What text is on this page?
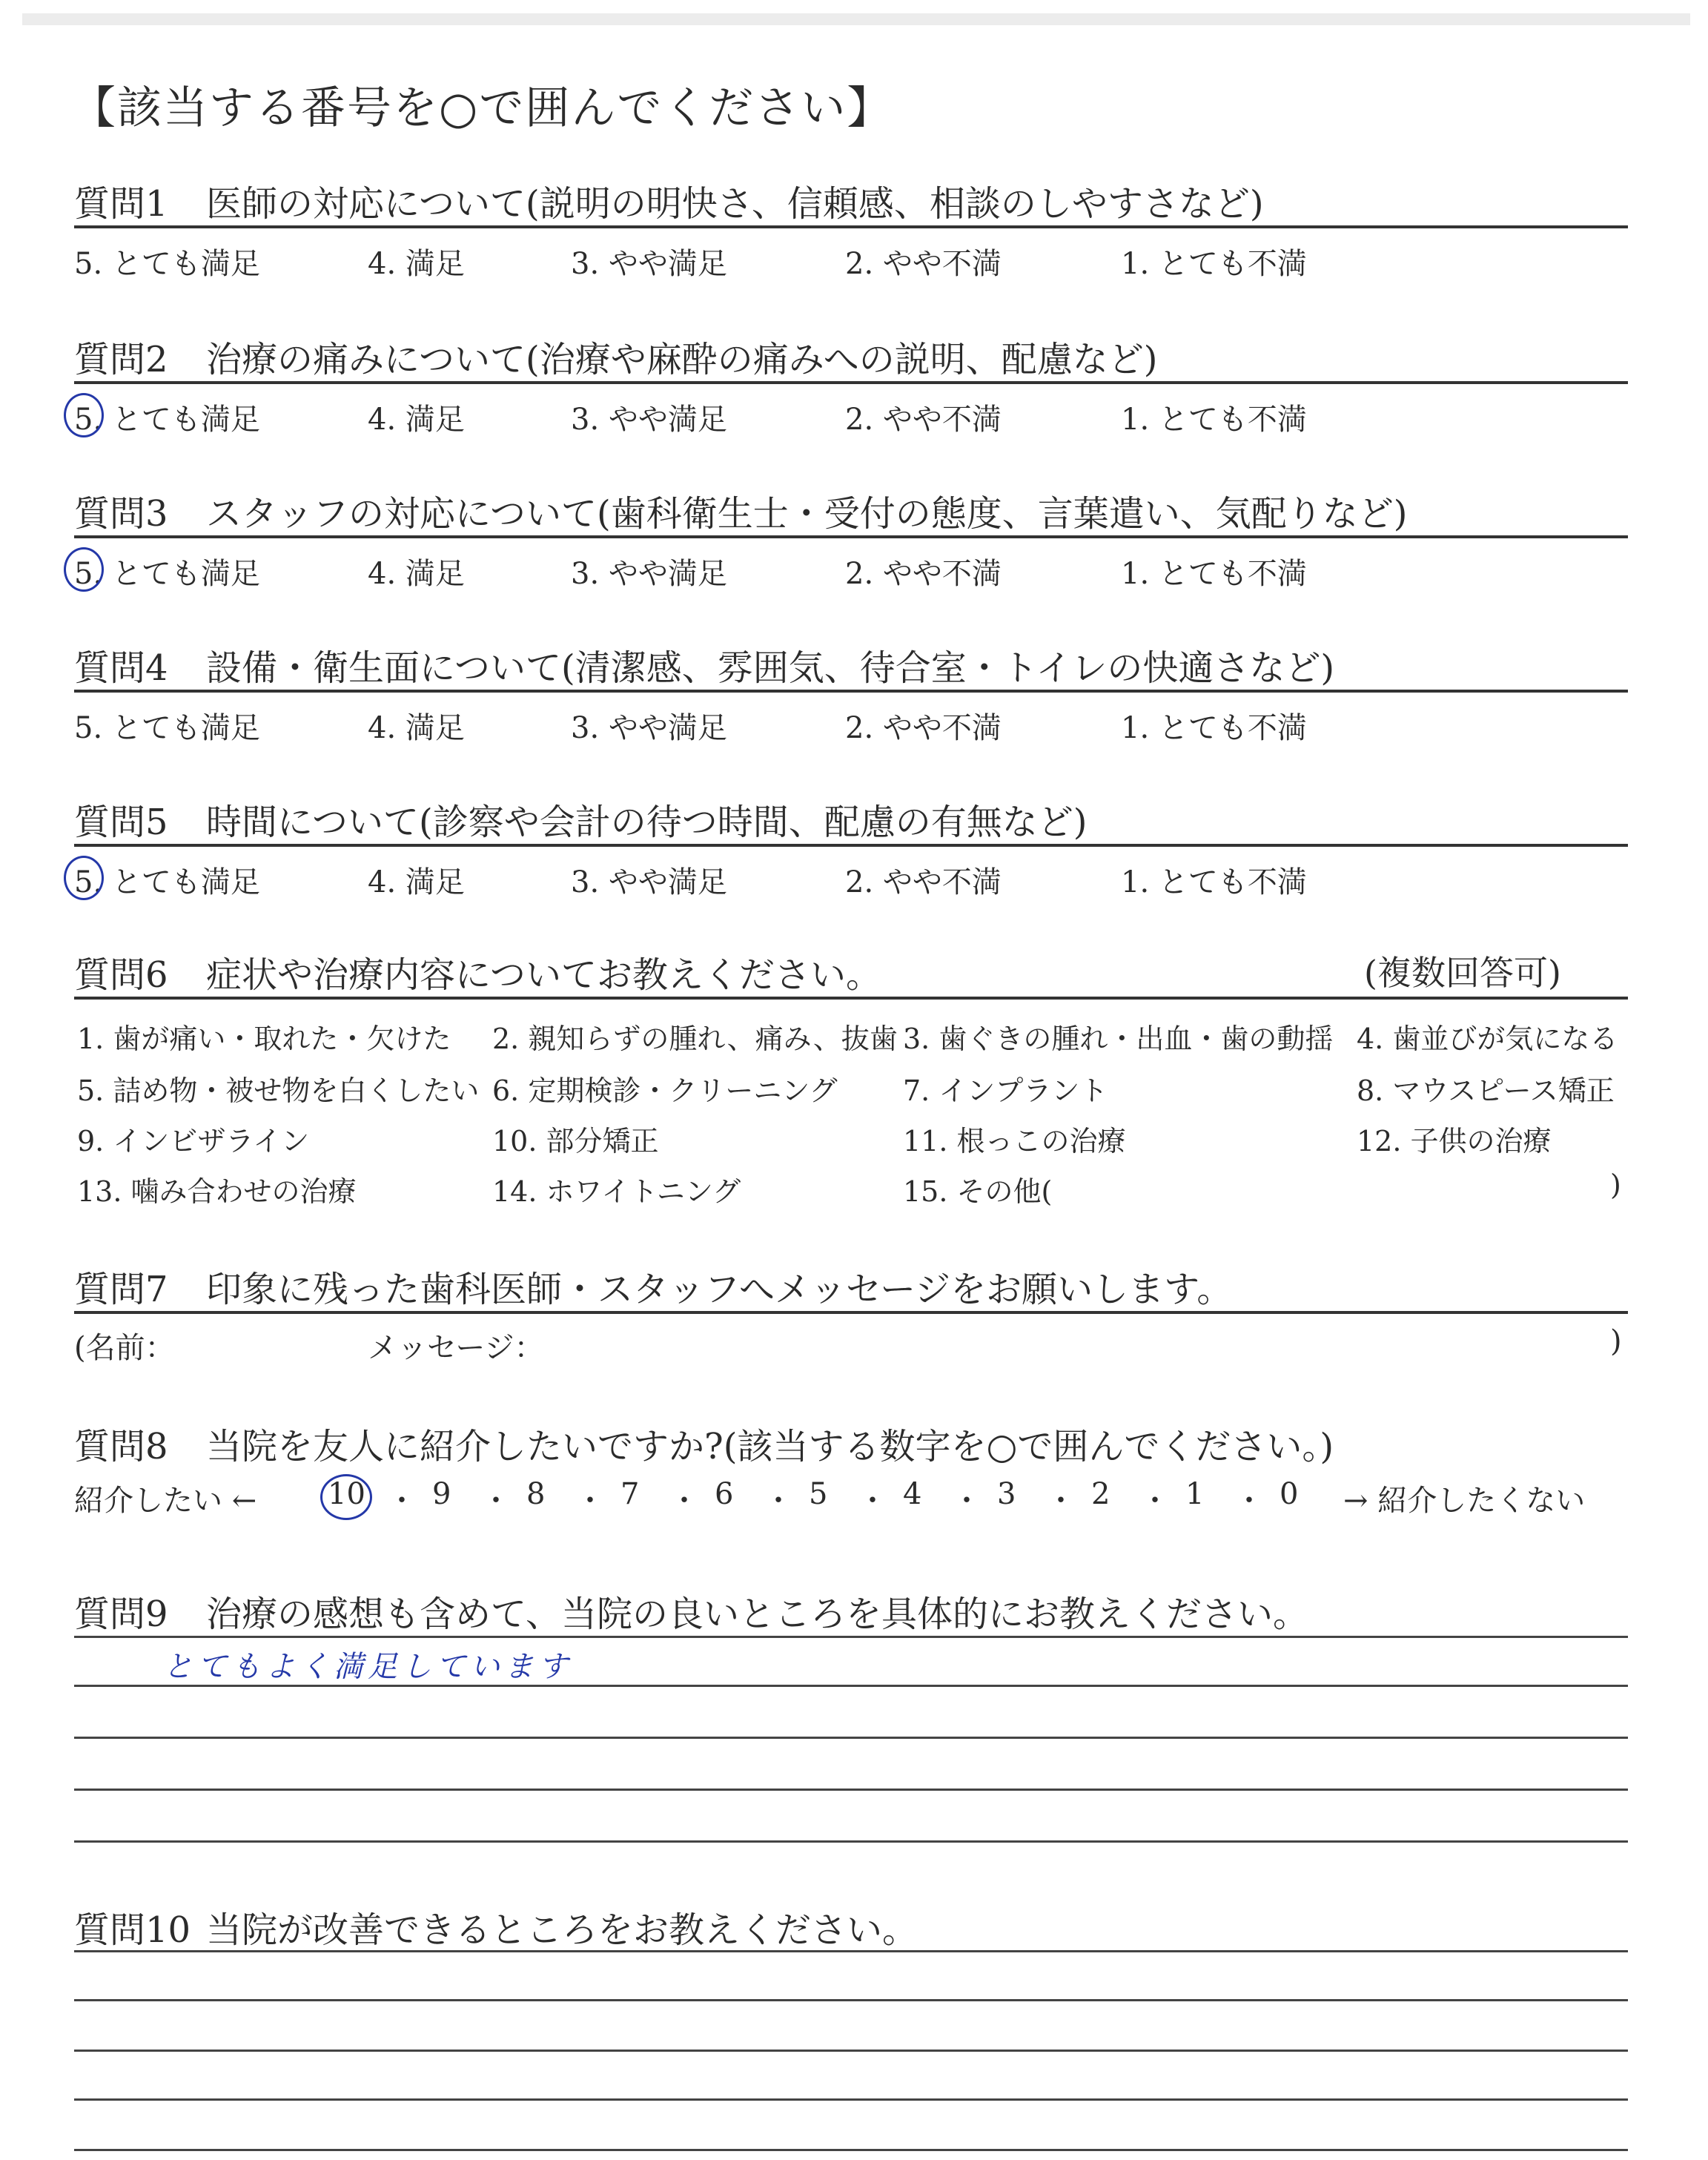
【該当する番号を○で囲んでください】
質問1 医師の対応について(説明の明快さ、信頼感、相談のしやすさなど)
5. とても満足	4. 満足	3. やや満足	2. やや不満	1. とても不満
質問2 治療の痛みについて(治療や麻酔の痛みへの説明、配慮など)
5. とても満足	4. 満足	3. やや満足	2. やや不満	1. とても不満
質問3 スタッフの対応について(歯科衛生士・受付の態度、言葉遣い、気配りなど)
5. とても満足	4. 満足	3. やや満足	2. やや不満	1. とても不満
質問4 設備・衛生面について(清潔感、雰囲気、待合室・トイレの快適さなど)
5. とても満足	4. 満足	3. やや満足	2. やや不満	1. とても不満
質問5 時間について(診察や会計の待つ時間、配慮の有無など)
5. とても満足	4. 満足	3. やや満足	2. やや不満	1. とても不満
質問6 症状や治療内容についてお教えください。	(複数回答可)
1. 歯が痛い・取れた・欠けた 2. 親知らずの腫れ、痛み、抜歯 3. 歯ぐきの腫れ・出血・歯の動揺 4. 歯並びが気になる
5. 詰め物・被せ物を白くしたい 6. 定期検診・クリーニング 7. インプラント	8. マウスピース矯正
9. インビザライン	10. 部分矯正	11. 根っこの治療	12. 子供の治療
13. 噛み合わせの治療	14. ホワイトニング	15. その他(	)
質問7 印象に残った歯科医師・スタッフへメッセージをお願いします。
(名前：	メッセージ：	)
質問8 当院を友人に紹介したいですか?(該当する数字を○で囲んでください。)
紹介したい ← 10 ・ 9 ・ 8 ・ 7 ・ 6 ・ 5 ・ 4 ・ 3 ・ 2 ・ 1 ・ 0 → 紹介したくない
質問9 治療の感想も含めて、当院の良いところを具体的にお教えください。
とてもよく満足しています
質問10 当院が改善できるところをお教えください。
